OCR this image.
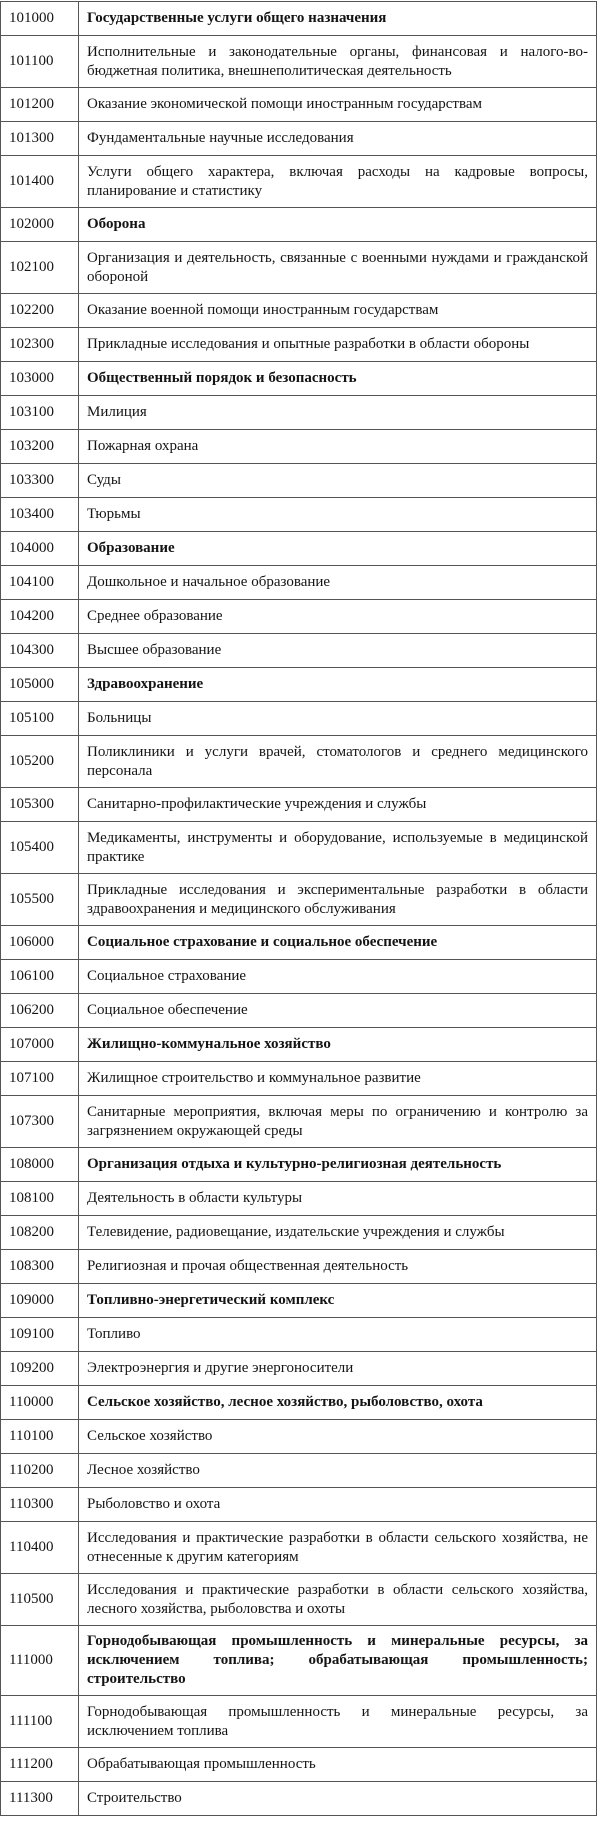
101000	Государственные услуги общего назначения
101100	Исполнительные и законодательные органы, финансовая и налого-во-бюджетная политика, внешнеполитическая деятельность
101200	Оказание экономической помощи иностранным государствам
101300	Фундаментальные научные исследования
101400	Услуги общего характера, включая расходы на кадровые вопросы, планирование и статистику
102000	Оборона
102100	Организация и деятельность, связанные с военными нуждами и гражданской обороной
102200	Оказание военной помощи иностранным государствам
102300	Прикладные исследования и опытные разработки в области обороны
103000	Общественный порядок и безопасность
103100	Милиция
103200	Пожарная охрана
103300	Суды
103400	Тюрьмы
104000	Образование
104100	Дошкольное и начальное образование
104200	Среднее образование
104300	Высшее образование
105000	Здравоохранение
105100	Больницы
105200	Поликлиники и услуги врачей, стоматологов и среднего медицинского персонала
105300	Санитарно-профилактические учреждения и службы
105400	Медикаменты, инструменты и оборудование, используемые в медицинской практике
105500	Прикладные исследования и экспериментальные разработки в области здравоохранения и медицинского обслуживания
106000	Социальное страхование и социальное обеспечение
106100	Социальное страхование
106200	Социальное обеспечение
107000	Жилищно-коммунальное хозяйство
107100	Жилищное строительство и коммунальное развитие
107300	Санитарные мероприятия, включая меры по ограничению и контролю за загрязнением окружающей среды
108000	Организация отдыха и культурно-религиозная деятельность
108100	Деятельность в области культуры
108200	Телевидение, радиовещание, издательские учреждения и службы
108300	Религиозная и прочая общественная деятельность
109000	Топливно-энергетический комплекс
109100	Топливо
109200	Электроэнергия и другие энергоносители
110000	Сельское хозяйство, лесное хозяйство, рыболовство, охота
110100	Сельское хозяйство
110200	Лесное хозяйство
110300	Рыболовство и охота
110400	Исследования и практические разработки в области сельского хозяйства, не отнесенные к другим категориям
110500	Исследования и практические разработки в области сельского хозяйства, лесного хозяйства, рыболовства и охоты
111000	Горнодобывающая промышленность и минеральные ресурсы, за исключением топлива; обрабатывающая промышленность; строительство
111100	Горнодобывающая промышленность и минеральные ресурсы, за исключением топлива
111200	Обрабатывающая промышленность
111300	Строительство
